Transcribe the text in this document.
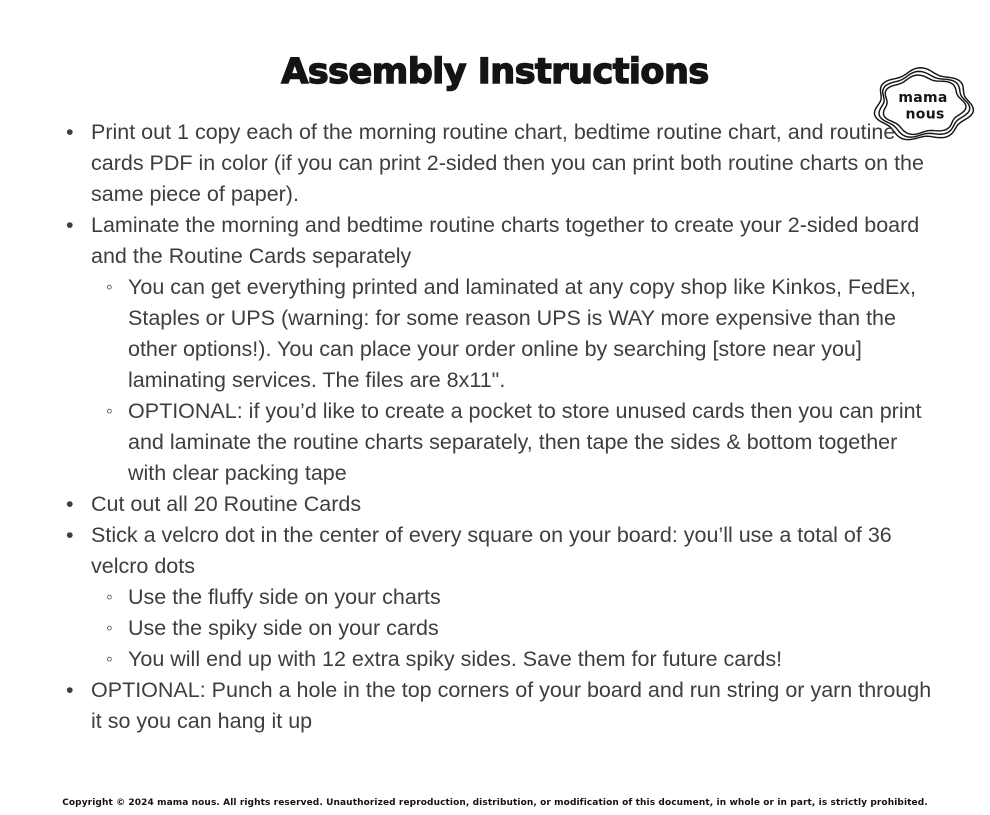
mama
nous
Assembly Instructions
• Print out 1 copy each of the morning routine chart, bedtime routine chart, and routine cards PDF in color (if you can print 2-sided then you can print both routine charts on the same piece of paper).
• Laminate the morning and bedtime routine charts together to create your 2-sided board and the Routine Cards separately
◦ You can get everything printed and laminated at any copy shop like Kinkos, FedEx, Staples or UPS (warning: for some reason UPS is WAY more expensive than the other options!). You can place your order online by searching [store near you] laminating services. The files are 8x11".
◦ OPTIONAL: if you’d like to create a pocket to store unused cards then you can print and laminate the routine charts separately, then tape the sides & bottom together with clear packing tape
• Cut out all 20 Routine Cards
• Stick a velcro dot in the center of every square on your board: you’ll use a total of 36 velcro dots
◦ Use the fluffy side on your charts
◦ Use the spiky side on your cards
◦ You will end up with 12 extra spiky sides. Save them for future cards!
• OPTIONAL: Punch a hole in the top corners of your board and run string or yarn through it so you can hang it up
Copyright © 2024 mama nous. All rights reserved. Unauthorized reproduction, distribution, or modification of this document, in whole or in part, is strictly prohibited.
